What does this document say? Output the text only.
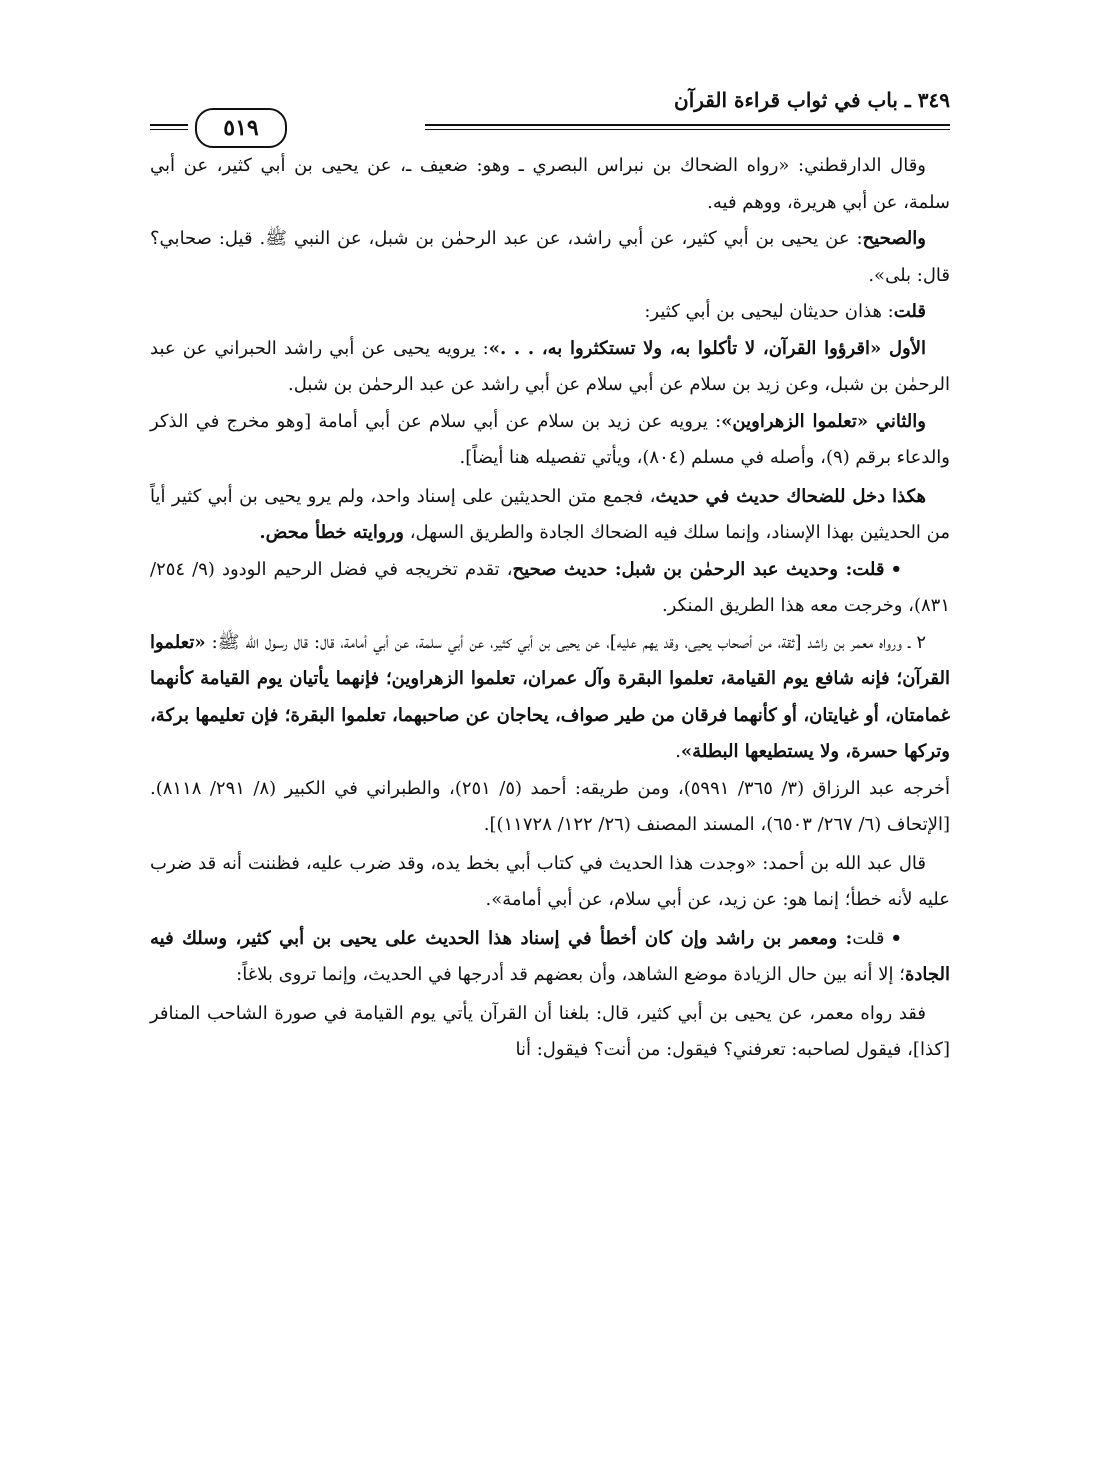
٣٤٩ ـ باب في ثواب قراءة القرآن
٥١٩

وقال الدارقطني: «رواه الضحاك بن نبراس البصري ـ وهو: ضعيف ـ، عن يحيى بن أبي كثير، عن أبي سلمة، عن أبي هريرة، ووهم فيه.

والصحيح: عن يحيى بن أبي كثير، عن أبي راشد، عن عبد الرحمٰن بن شبل، عن النبي ﷺ. قيل: صحابي؟ قال: بلى».

قلت: هذان حديثان ليحيى بن أبي كثير:

الأول «اقرؤوا القرآن، لا تأكلوا به، ولا تستكثروا به، . . .»: يرويه يحيى عن أبي راشد الحبراني عن عبد الرحمٰن بن شبل، وعن زيد بن سلام عن أبي سلام عن أبي راشد عن عبد الرحمٰن بن شبل.

والثاني «تعلموا الزهراوين»: يرويه عن زيد بن سلام عن أبي سلام عن أبي أمامة [وهو مخرج في الذكر والدعاء برقم (٩)، وأصله في مسلم (٨٠٤)، ويأتي تفصيله هنا أيضاً].

هكذا دخل للضحاك حديث في حديث، فجمع متن الحديثين على إسناد واحد، ولم يرو يحيى بن أبي كثير أياً من الحديثين بهذا الإسناد، وإنما سلك فيه الضحاك الجادة والطريق السهل، وروايته خطأ محض.

•قلت: وحديث عبد الرحمٰن بن شبل: حديث صحيح، تقدم تخريجه في فضل الرحيم الودود (٩/ ٢٥٤/ ٨٣١)، وخرجت معه هذا الطريق المنكر.

٢ ـ ورواه معمر بن راشد [ثقة، من أصحاب يحيى، وقد يهم عليه]، عن يحيى بن أبي كثير، عن أبي سلمة، عن أبي أمامة، قال: قال رسول الله ﷺ: «تعلموا القرآن؛ فإنه شافع يوم القيامة، تعلموا البقرة وآل عمران، تعلموا الزهراوين؛ فإنهما يأتيان يوم القيامة كأنهما غمامتان، أو غيايتان، أو كأنهما فرقان من طير صواف، يحاجان عن صاحبهما، تعلموا البقرة؛ فإن تعليمها بركة، وتركها حسرة، ولا يستطيعها البطلة».

أخرجه عبد الرزاق (٣/ ٣٦٥/ ٥٩٩١)، ومن طريقه: أحمد (٥/ ٢٥١)، والطبراني في الكبير (٨/ ٢٩١/ ٨١١٨). [الإتحاف (٦/ ٢٦٧/ ٦٥٠٣)، المسند المصنف (٢٦/ ١٢٢/ ١١٧٢٨)].

قال عبد الله بن أحمد: «وجدت هذا الحديث في كتاب أبي بخط يده، وقد ضرب عليه، فظننت أنه قد ضرب عليه لأنه خطأ؛ إنما هو: عن زيد، عن أبي سلام، عن أبي أمامة».

•قلت: ومعمر بن راشد وإن كان أخطأ في إسناد هذا الحديث على يحيى بن أبي كثير، وسلك فيه الجادة؛ إلا أنه بين حال الزيادة موضع الشاهد، وأن بعضهم قد أدرجها في الحديث، وإنما تروى بلاغاً:

فقد رواه معمر، عن يحيى بن أبي كثير، قال: بلغنا أن القرآن يأتي يوم القيامة في صورة الشاحب المنافر [كذا]، فيقول لصاحبه: تعرفني؟ فيقول: من أنت؟ فيقول: أنا
